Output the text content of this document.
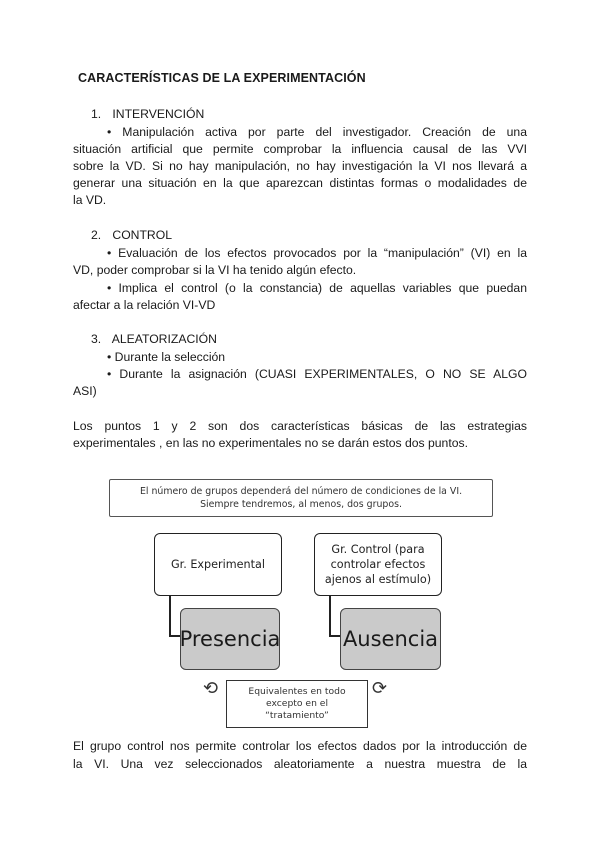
CARACTERÍSTICAS DE LA EXPERIMENTACIÓN
1. INTERVENCIÓN
• Manipulación activa por parte del investigador. Creación de una
situación artificial que permite comprobar la influencia causal de las VVI
sobre la VD. Si no hay manipulación, no hay investigación la VI nos llevará a
generar una situación en la que aparezcan distintas formas o modalidades de
la VD.
2. CONTROL
• Evaluación de los efectos provocados por la “manipulación” (VI) en la
VD, poder comprobar si la VI ha tenido algún efecto.
• Implica el control (o la constancia) de aquellas variables que puedan
afectar a la relación VI-VD
3. ALEATORIZACIÓN
• Durante la selección
• Durante la asignación (CUASI EXPERIMENTALES, O NO SE ALGO
ASI)
Los puntos 1 y 2 son dos características básicas de las estrategias
experimentales , en las no experimentales no se darán estos dos puntos.
El número de grupos dependerá del número de condiciones de la VI.
Siempre tendremos, al menos, dos grupos.
Gr. Experimental
Gr. Control (para
controlar efectos
ajenos al estímulo)
Presencia	Ausencia
⟲	⟳
Equivalentes en todo
excepto en el
“tratamiento”
El grupo control nos permite controlar los efectos dados por la introducción de
la VI. Una vez seleccionados aleatoriamente a nuestra muestra de la
